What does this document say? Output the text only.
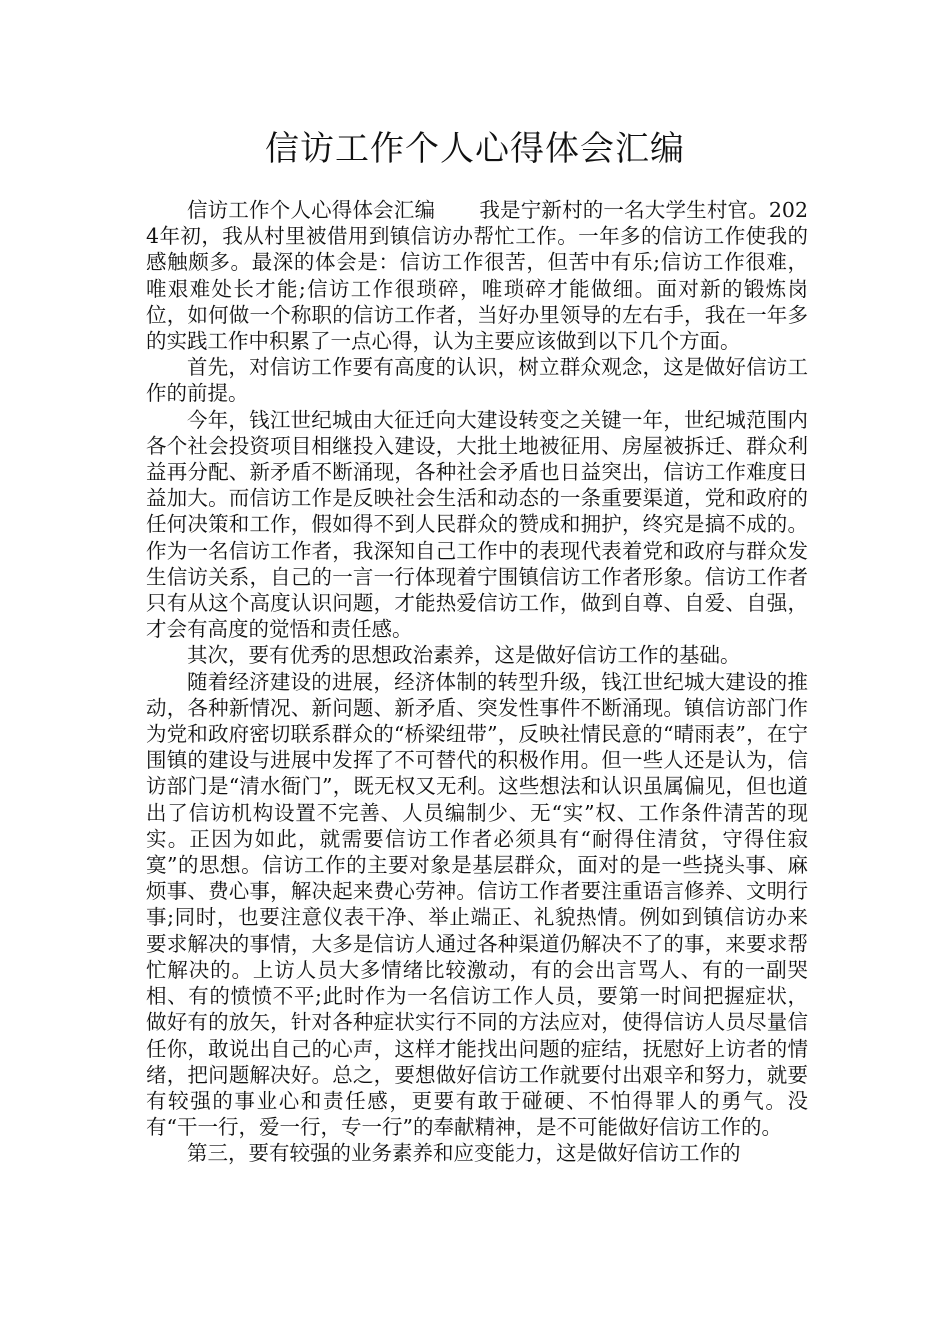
信访工作个人心得体会汇编

信访工作个人心得体会汇编 我是宁新村的一名大学生村官。2024年初，我从村里被借用到镇信访办帮忙工作。一年多的信访工作使我的感触颇多。最深的体会是：信访工作很苦，但苦中有乐;信访工作很难，唯艰难处长才能;信访工作很琐碎，唯琐碎才能做细。面对新的锻炼岗位，如何做一个称职的信访工作者，当好办里领导的左右手，我在一年多的实践工作中积累了一点心得，认为主要应该做到以下几个方面。

首先，对信访工作要有高度的认识，树立群众观念，这是做好信访工作的前提。

今年，钱江世纪城由大征迁向大建设转变之关键一年，世纪城范围内各个社会投资项目相继投入建设，大批土地被征用、房屋被拆迁、群众利益再分配、新矛盾不断涌现，各种社会矛盾也日益突出，信访工作难度日益加大。而信访工作是反映社会生活和动态的一条重要渠道，党和政府的任何决策和工作，假如得不到人民群众的赞成和拥护，终究是搞不成的。作为一名信访工作者，我深知自己工作中的表现代表着党和政府与群众发生信访关系，自己的一言一行体现着宁围镇信访工作者形象。信访工作者只有从这个高度认识问题，才能热爱信访工作，做到自尊、自爱、自强，才会有高度的觉悟和责任感。

其次，要有优秀的思想政治素养，这是做好信访工作的基础。

随着经济建设的进展，经济体制的转型升级，钱江世纪城大建设的推动，各种新情况、新问题、新矛盾、突发性事件不断涌现。镇信访部门作为党和政府密切联系群众的“桥梁纽带”，反映社情民意的“晴雨表”，在宁围镇的建设与进展中发挥了不可替代的积极作用。但一些人还是认为，信访部门是“清水衙门”，既无权又无利。这些想法和认识虽属偏见，但也道出了信访机构设置不完善、人员编制少、无“实”权、工作条件清苦的现实。正因为如此，就需要信访工作者必须具有“耐得住清贫，守得住寂寞”的思想。信访工作的主要对象是基层群众，面对的是一些挠头事、麻烦事、费心事，解决起来费心劳神。信访工作者要注重语言修养、文明行事;同时，也要注意仪表干净、举止端正、礼貌热情。例如到镇信访办来要求解决的事情，大多是信访人通过各种渠道仍解决不了的事，来要求帮忙解决的。上访人员大多情绪比较激动，有的会出言骂人、有的一副哭相、有的愤愤不平;此时作为一名信访工作人员，要第一时间把握症状，做好有的放矢，针对各种症状实行不同的方法应对，使得信访人员尽量信任你，敢说出自己的心声，这样才能找出问题的症结，抚慰好上访者的情绪，把问题解决好。总之，要想做好信访工作就要付出艰辛和努力，就要有较强的事业心和责任感，更要有敢于碰硬、不怕得罪人的勇气。没有“干一行，爱一行，专一行”的奉献精神，是不可能做好信访工作的。

第三，要有较强的业务素养和应变能力，这是做好信访工作的
